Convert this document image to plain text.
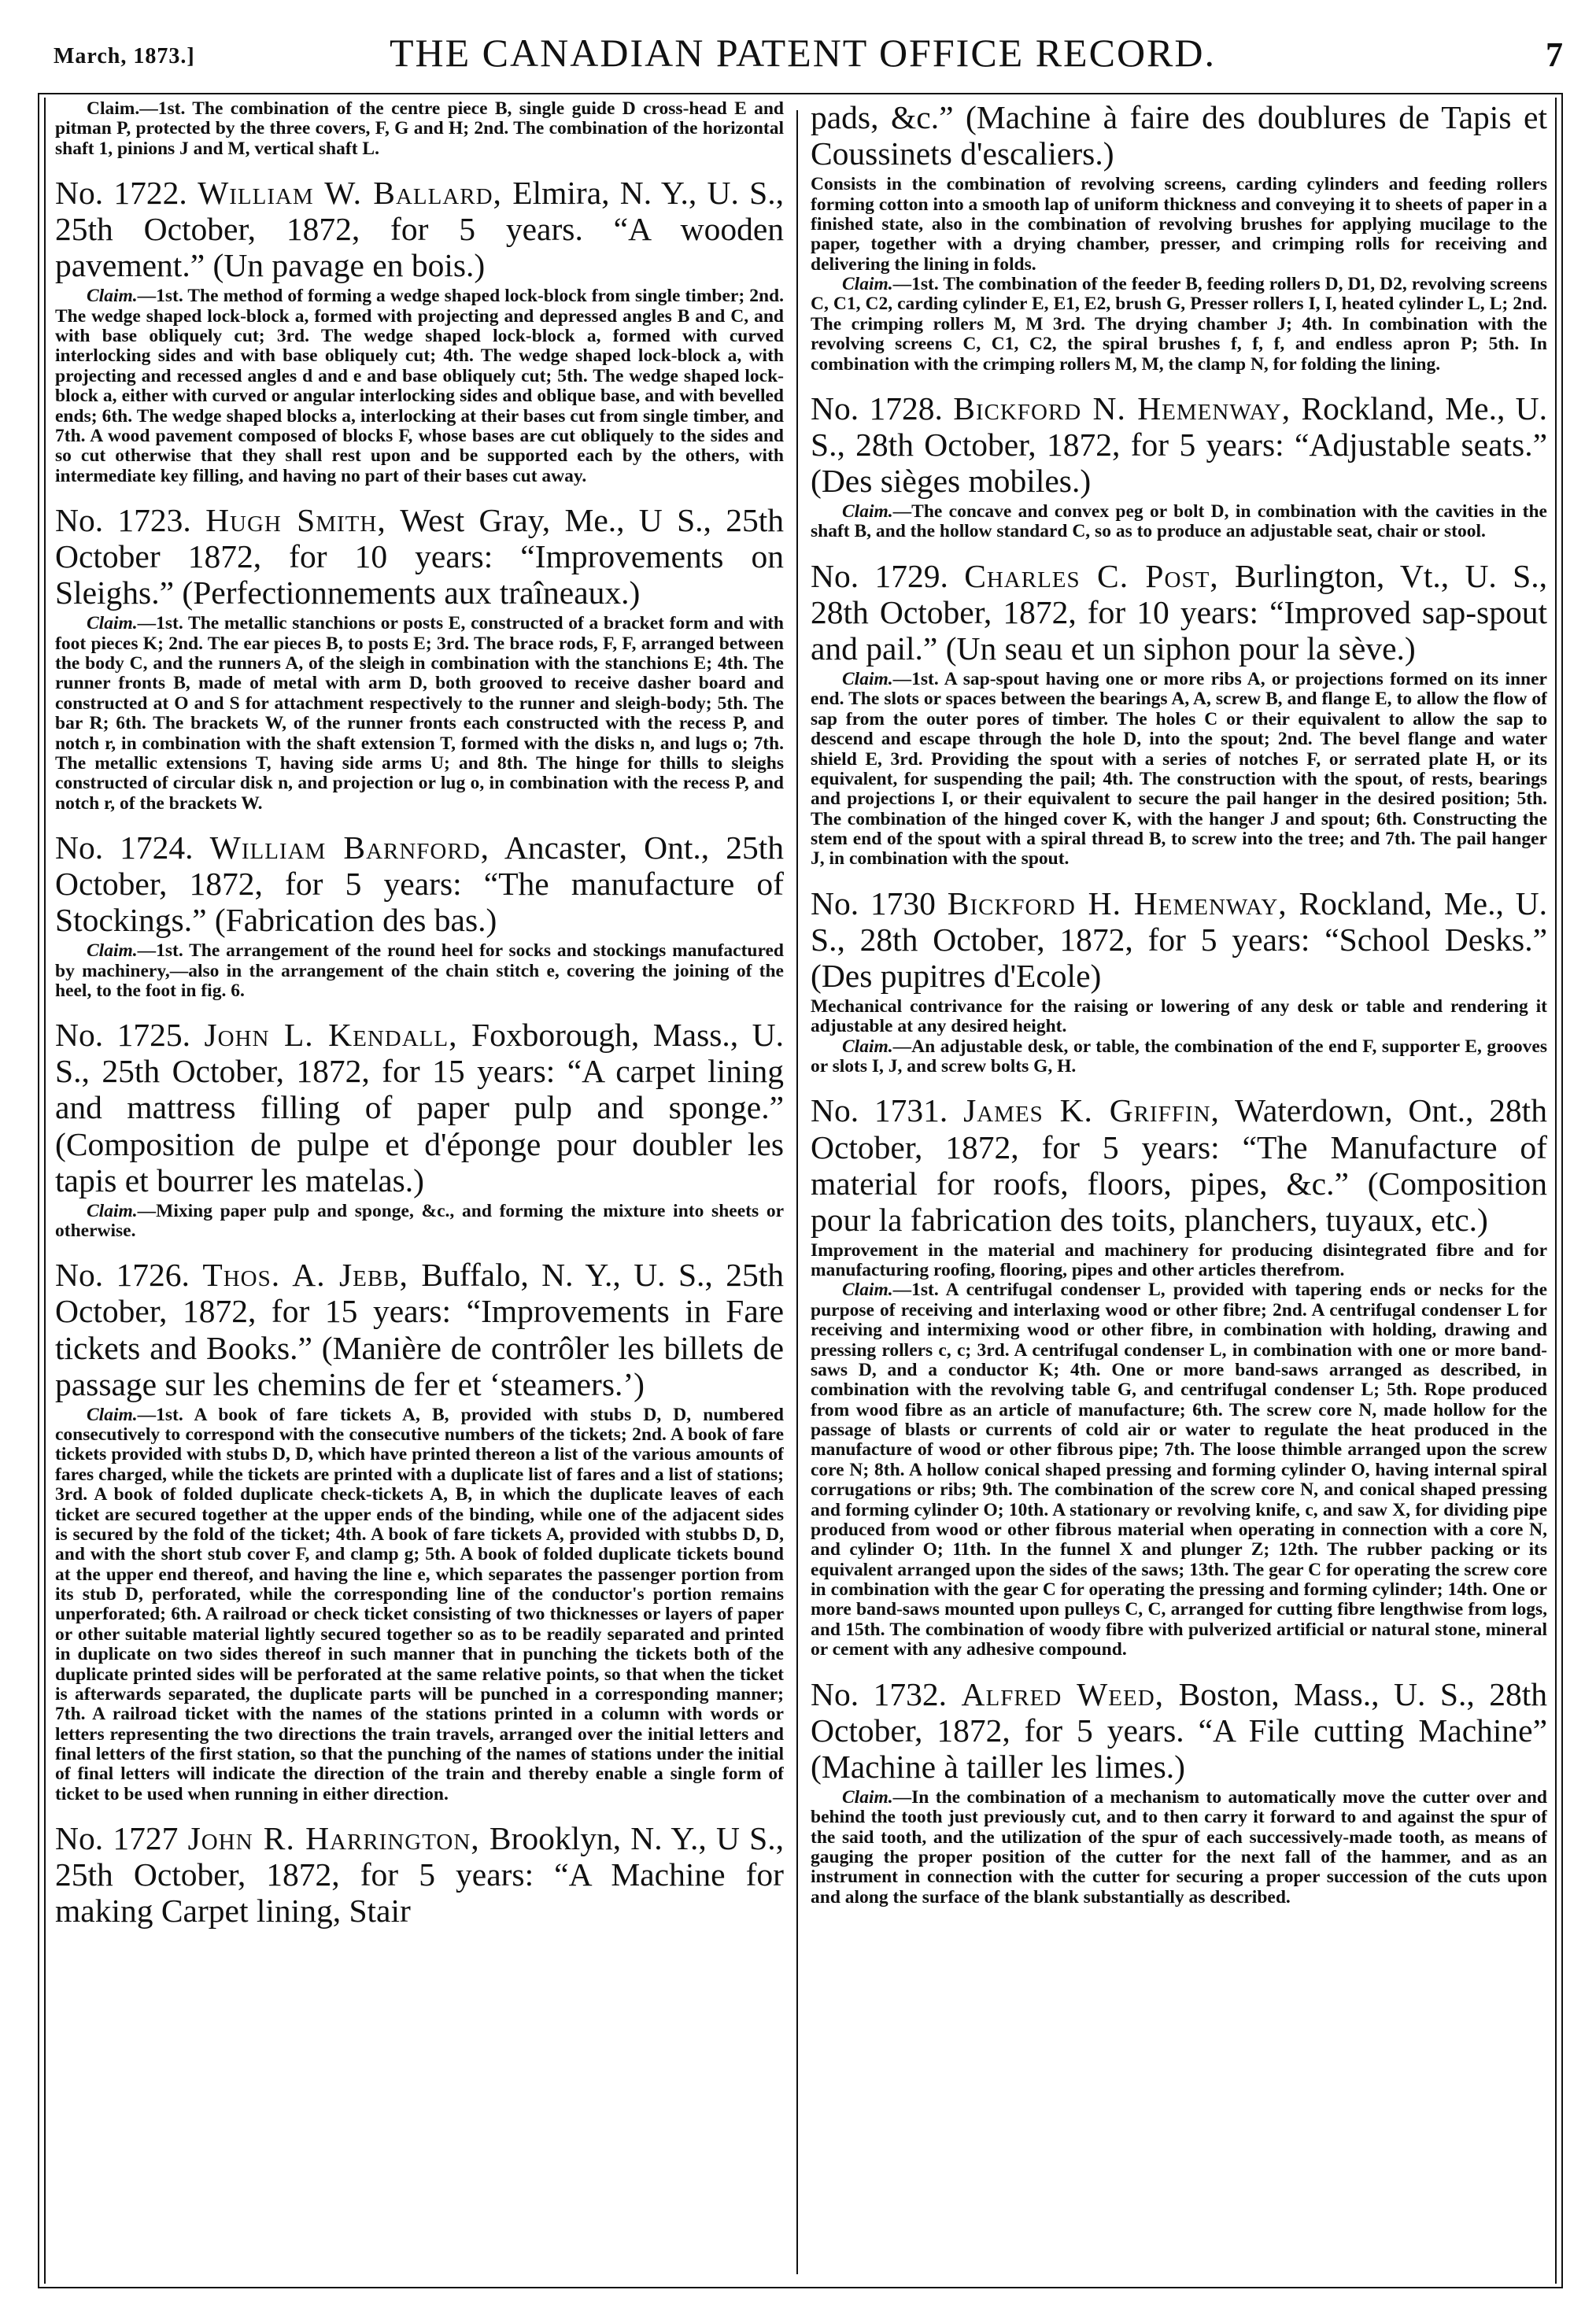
March, 1873.]	THE CANADIAN PATENT OFFICE RECORD.	7

Claim.—1st. The combination of the centre piece B, single guide D cross-head E and pitman P, protected by the three covers, F, G and H; 2nd. The combination of the horizontal shaft 1, pinions J and M, vertical shaft L.

No. 1722. William W. Ballard, Elmira, N. Y., U. S., 25th October, 1872, for 5 years. “A wooden pavement.” (Un pavage en bois.)

Claim.—1st. The method of forming a wedge shaped lock-block from single timber; 2nd. The wedge shaped lock-block a, formed with projecting and depressed angles B and C, and with base obliquely cut; 3rd. The wedge shaped lock-block a, formed with curved interlocking sides and with base obliquely cut; 4th. The wedge shaped lock-block a, with projecting and recessed angles d and e and base obliquely cut; 5th. The wedge shaped lock-block a, either with curved or angular interlocking sides and oblique base, and with bevelled ends; 6th. The wedge shaped blocks a, interlocking at their bases cut from single timber, and 7th. A wood pavement composed of blocks F, whose bases are cut obliquely to the sides and so cut otherwise that they shall rest upon and be supported each by the others, with intermediate key filling, and having no part of their bases cut away.

No. 1723. Hugh Smith, West Gray, Me., U S., 25th October 1872, for 10 years: “Improvements on Sleighs.” (Perfectionnements aux traîneaux.)

Claim.—1st. The metallic stanchions or posts E, constructed of a bracket form and with foot pieces K; 2nd. The ear pieces B, to posts E; 3rd. The brace rods, F, F, arranged between the body C, and the runners A, of the sleigh in combination with the stanchions E; 4th. The runner fronts B, made of metal with arm D, both grooved to receive dasher board and constructed at O and S for attachment respectively to the runner and sleigh-body; 5th. The bar R; 6th. The brackets W, of the runner fronts each constructed with the recess P, and notch r, in combination with the shaft extension T, formed with the disks n, and lugs o; 7th. The metallic extensions T, having side arms U; and 8th. The hinge for thills to sleighs constructed of circular disk n, and projection or lug o, in combination with the recess P, and notch r, of the brackets W.

No. 1724. William Barnford, Ancaster, Ont., 25th October, 1872, for 5 years: “The manufacture of Stockings.” (Fabrication des bas.)

Claim.—1st. The arrangement of the round heel for socks and stockings manufactured by machinery,—also in the arrangement of the chain stitch e, covering the joining of the heel, to the foot in fig. 6.

No. 1725. John L. Kendall, Foxborough, Mass., U. S., 25th October, 1872, for 15 years: “A carpet lining and mattress filling of paper pulp and sponge.” (Composition de pulpe et d'éponge pour doubler les tapis et bourrer les matelas.)

Claim.—Mixing paper pulp and sponge, &c., and forming the mixture into sheets or otherwise.

No. 1726. Thos. A. Jebb, Buffalo, N. Y., U. S., 25th October, 1872, for 15 years: “Improvements in Fare tickets and Books.” (Manière de contrôler les billets de passage sur les chemins de fer et ‘steamers.’)

Claim.—1st. A book of fare tickets A, B, provided with stubs D, D, numbered consecutively to correspond with the consecutive numbers of the tickets; 2nd. A book of fare tickets provided with stubs D, D, which have printed thereon a list of the various amounts of fares charged, while the tickets are printed with a duplicate list of fares and a list of stations; 3rd. A book of folded duplicate check-tickets A, B, in which the duplicate leaves of each ticket are secured together at the upper ends of the binding, while one of the adjacent sides is secured by the fold of the ticket; 4th. A book of fare tickets A, provided with stubbs D, D, and with the short stub cover F, and clamp g; 5th. A book of folded duplicate tickets bound at the upper end thereof, and having the line e, which separates the passenger portion from its stub D, perforated, while the corresponding line of the conductor's portion remains unperforated; 6th. A railroad or check ticket consisting of two thicknesses or layers of paper or other suitable material lightly secured together so as to be readily separated and printed in duplicate on two sides thereof in such manner that in punching the tickets both of the duplicate printed sides will be perforated at the same relative points, so that when the ticket is afterwards separated, the duplicate parts will be punched in a corresponding manner; 7th. A railroad ticket with the names of the stations printed in a column with words or letters representing the two directions the train travels, arranged over the initial letters and final letters of the first station, so that the punching of the names of stations under the initial of final letters will indicate the direction of the train and thereby enable a single form of ticket to be used when running in either direction.

No. 1727 John R. Harrington, Brooklyn, N. Y., U S., 25th October, 1872, for 5 years: “A Machine for making Carpet lining, Stair

pads, &c.” (Machine à faire des doublures de Tapis et Coussinets d'escaliers.)

Consists in the combination of revolving screens, carding cylinders and feeding rollers forming cotton into a smooth lap of uniform thickness and conveying it to sheets of paper in a finished state, also in the combination of revolving brushes for applying mucilage to the paper, together with a drying chamber, presser, and crimping rolls for receiving and delivering the lining in folds.

Claim.—1st. The combination of the feeder B, feeding rollers D, D1, D2, revolving screens C, C1, C2, carding cylinder E, E1, E2, brush G, Presser rollers I, I, heated cylinder L, L; 2nd. The crimping rollers M, M 3rd. The drying chamber J; 4th. In combination with the revolving screens C, C1, C2, the spiral brushes f, f, f, and endless apron P; 5th. In combination with the crimping rollers M, M, the clamp N, for folding the lining.

No. 1728. Bickford N. Hemenway, Rockland, Me., U. S., 28th October, 1872, for 5 years: “Adjustable seats.” (Des sièges mobiles.)

Claim.—The concave and convex peg or bolt D, in combination with the cavities in the shaft B, and the hollow standard C, so as to produce an adjustable seat, chair or stool.

No. 1729. Charles C. Post, Burlington, Vt., U. S., 28th October, 1872, for 10 years: “Improved sap-spout and pail.” (Un seau et un siphon pour la sève.)

Claim.—1st. A sap-spout having one or more ribs A, or projections formed on its inner end. The slots or spaces between the bearings A, A, screw B, and flange E, to allow the flow of sap from the outer pores of timber. The holes C or their equivalent to allow the sap to descend and escape through the hole D, into the spout; 2nd. The bevel flange and water shield E, 3rd. Providing the spout with a series of notches F, or serrated plate H, or its equivalent, for suspending the pail; 4th. The construction with the spout, of rests, bearings and projections I, or their equivalent to secure the pail hanger in the desired position; 5th. The combination of the hinged cover K, with the hanger J and spout; 6th. Constructing the stem end of the spout with a spiral thread B, to screw into the tree; and 7th. The pail hanger J, in combination with the spout.

No. 1730 Bickford H. Hemenway, Rockland, Me., U. S., 28th October, 1872, for 5 years: “School Desks.” (Des pupitres d'Ecole)

Mechanical contrivance for the raising or lowering of any desk or table and rendering it adjustable at any desired height.

Claim.—An adjustable desk, or table, the combination of the end F, supporter E, grooves or slots I, J, and screw bolts G, H.

No. 1731. James K. Griffin, Waterdown, Ont., 28th October, 1872, for 5 years: “The Manufacture of material for roofs, floors, pipes, &c.” (Composition pour la fabrication des toits, planchers, tuyaux, etc.)

Improvement in the material and machinery for producing disintegrated fibre and for manufacturing roofing, flooring, pipes and other articles therefrom.

Claim.—1st. A centrifugal condenser L, provided with tapering ends or necks for the purpose of receiving and interlaxing wood or other fibre; 2nd. A centrifugal condenser L for receiving and intermixing wood or other fibre, in combination with holding, drawing and pressing rollers c, c; 3rd. A centrifugal condenser L, in combination with one or more band-saws D, and a conductor K; 4th. One or more band-saws arranged as described, in combination with the revolving table G, and centrifugal condenser L; 5th. Rope produced from wood fibre as an article of manufacture; 6th. The screw core N, made hollow for the passage of blasts or currents of cold air or water to regulate the heat produced in the manufacture of wood or other fibrous pipe; 7th. The loose thimble arranged upon the screw core N; 8th. A hollow conical shaped pressing and forming cylinder O, having internal spiral corrugations or ribs; 9th. The combination of the screw core N, and conical shaped pressing and forming cylinder O; 10th. A stationary or revolving knife, c, and saw X, for dividing pipe produced from wood or other fibrous material when operating in connection with a core N, and cylinder O; 11th. In the funnel X and plunger Z; 12th. The rubber packing or its equivalent arranged upon the sides of the saws; 13th. The gear C for operating the screw core in combination with the gear C for operating the pressing and forming cylinder; 14th. One or more band-saws mounted upon pulleys C, C, arranged for cutting fibre lengthwise from logs, and 15th. The combination of woody fibre with pulverized artificial or natural stone, mineral or cement with any adhesive compound.

No. 1732. Alfred Weed, Boston, Mass., U. S., 28th October, 1872, for 5 years. “A File cutting Machine” (Machine à tailler les limes.)

Claim.—In the combination of a mechanism to automatically move the cutter over and behind the tooth just previously cut, and to then carry it forward to and against the spur of the said tooth, and the utilization of the spur of each successively-made tooth, as means of gauging the proper position of the cutter for the next fall of the hammer, and as an instrument in connection with the cutter for securing a proper succession of the cuts upon and along the surface of the blank substantially as described.
